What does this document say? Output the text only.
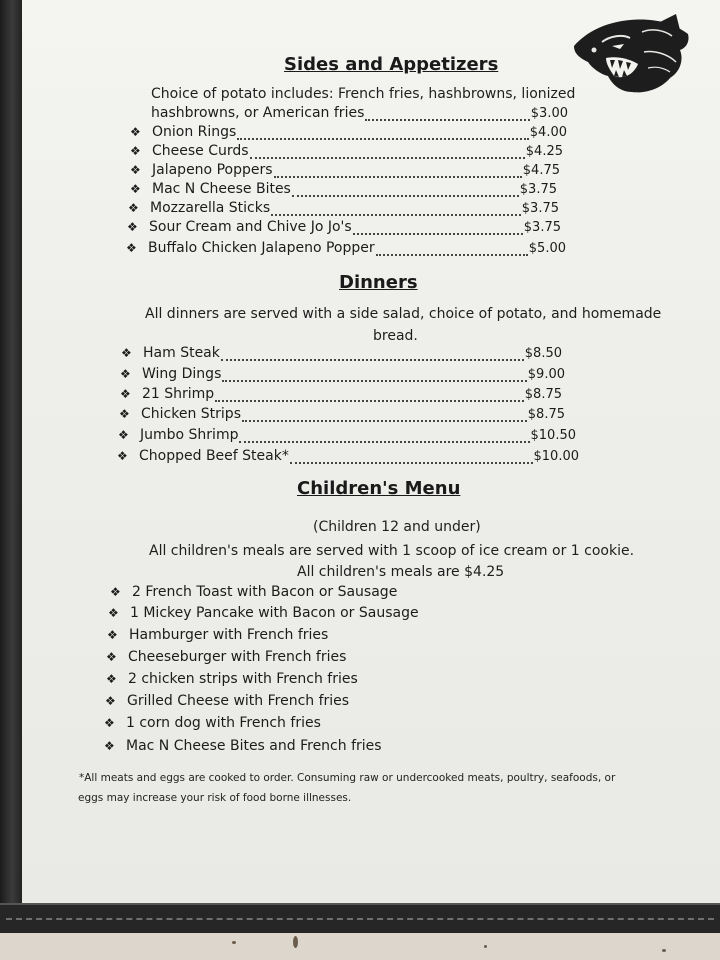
Sides and Appetizers
Choice of potato includes: French fries, hashbrowns, lionized
hashbrowns, or American fries	$3.00
❖ Onion Rings	$4.00
❖ Cheese Curds	$4.25
❖ Jalapeno Poppers	$4.75
❖ Mac N Cheese Bites	$3.75
❖ Mozzarella Sticks	$3.75
❖ Sour Cream and Chive Jo Jo's	$3.75
❖ Buffalo Chicken Jalapeno Popper	$5.00
Dinners
All dinners are served with a side salad, choice of potato, and homemade
bread.
❖ Ham Steak	$8.50
❖ Wing Dings	$9.00
❖ 21 Shrimp	$8.75
❖ Chicken Strips	$8.75
❖ Jumbo Shrimp	$10.50
❖ Chopped Beef Steak*	$10.00
Children's Menu
(Children 12 and under)
All children's meals are served with 1 scoop of ice cream or 1 cookie.
All children's meals are $4.25
❖ 2 French Toast with Bacon or Sausage
❖ 1 Mickey Pancake with Bacon or Sausage
❖ Hamburger with French fries
❖ Cheeseburger with French fries
❖ 2 chicken strips with French fries
❖ Grilled Cheese with French fries
❖ 1 corn dog with French fries
❖ Mac N Cheese Bites and French fries
*All meats and eggs are cooked to order. Consuming raw or undercooked meats, poultry, seafoods, or
eggs may increase your risk of food borne illnesses.
